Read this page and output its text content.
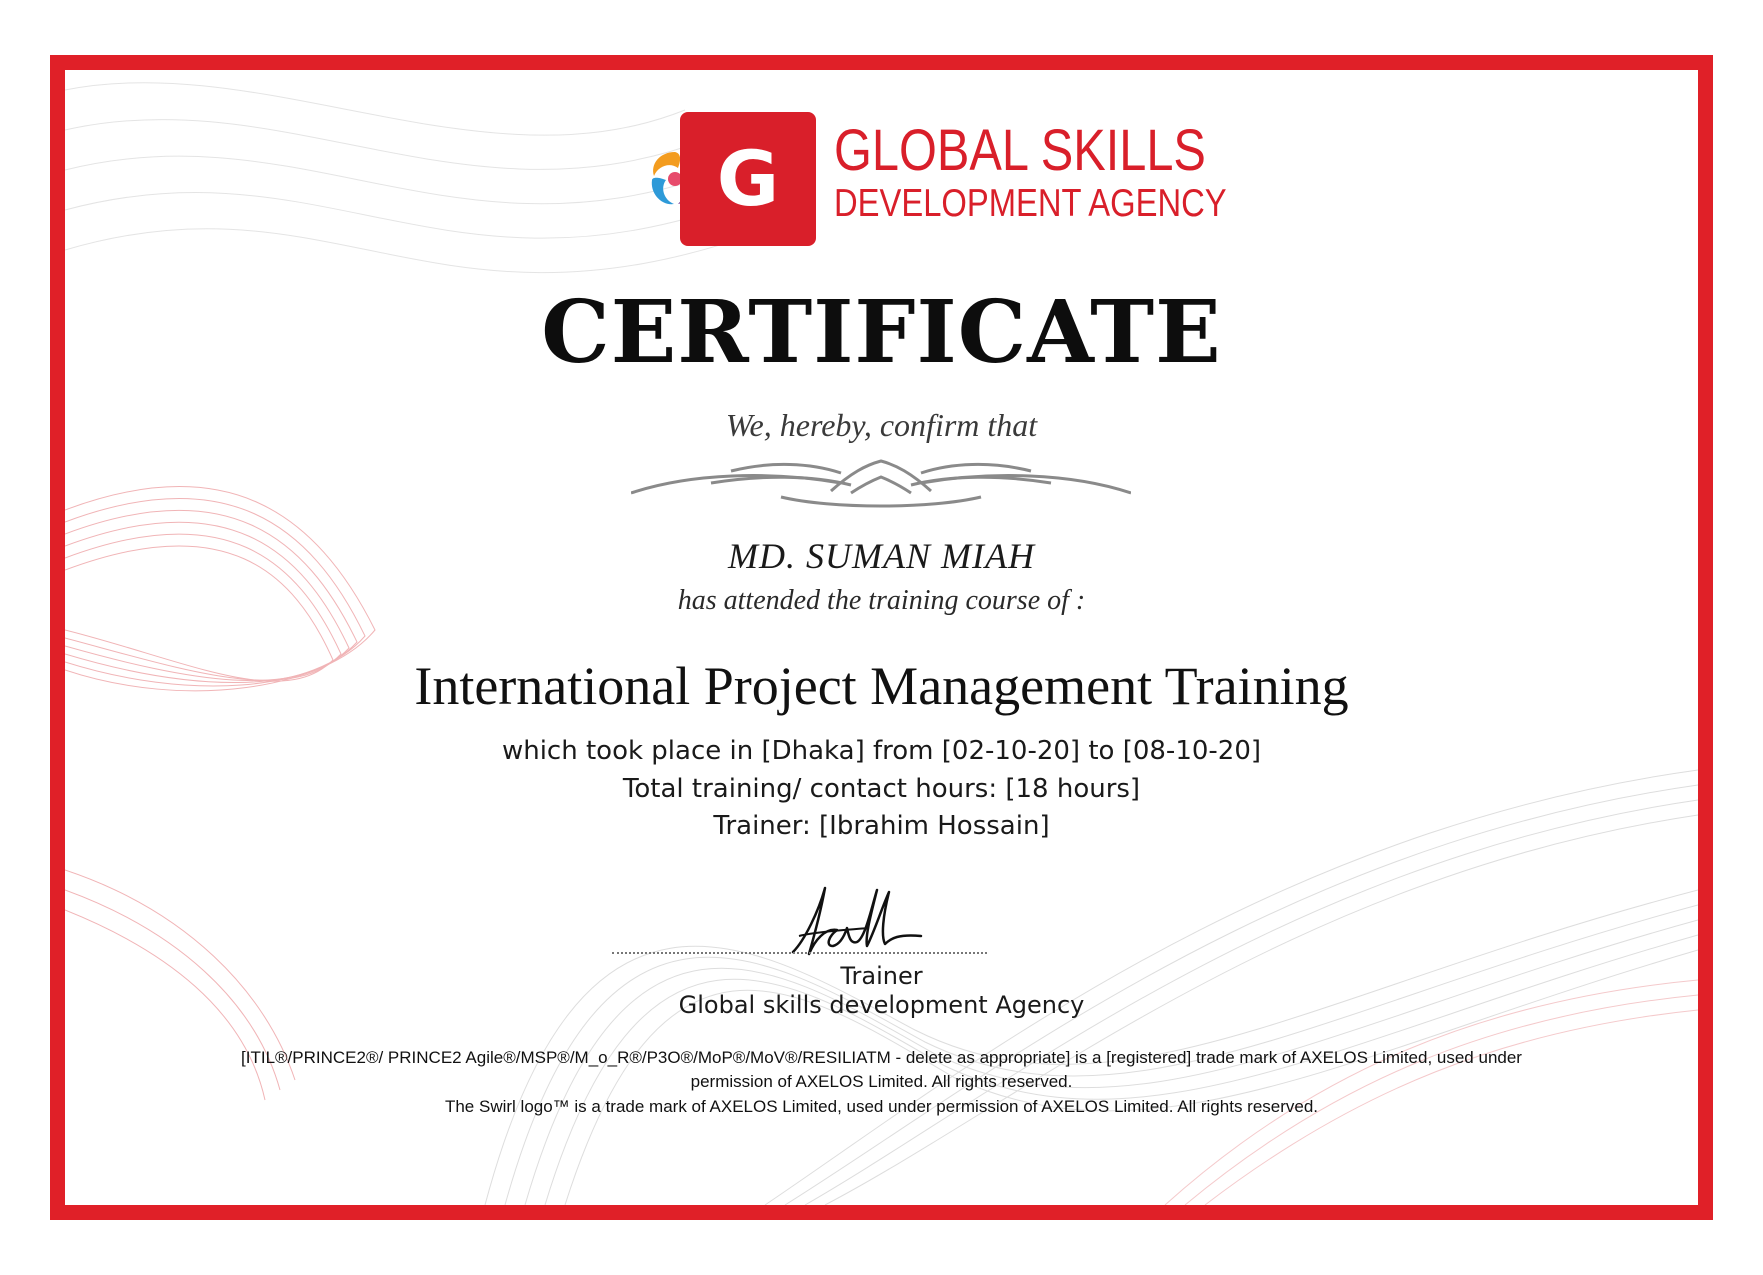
G GLOBAL SKILLS
DEVELOPMENT AGENCY
CERTIFICATE
We, hereby, confirm that
MD. SUMAN MIAH
has attended the training course of :
International Project Management Training
which took place in [Dhaka] from [02-10-20] to [08-10-20]
Total training/ contact hours: [18 hours]
Trainer: [Ibrahim Hossain]
Trainer
Global skills development Agency
[ITIL®/PRINCE2®/ PRINCE2 Agile®/MSP®/M_o_R®/P3O®/MoP®/MoV®/RESILIATM - delete as appropriate] is a [registered] trade mark of AXELOS Limited, used under
permission of AXELOS Limited. All rights reserved.
The Swirl logo™ is a trade mark of AXELOS Limited, used under permission of AXELOS Limited. All rights reserved.
